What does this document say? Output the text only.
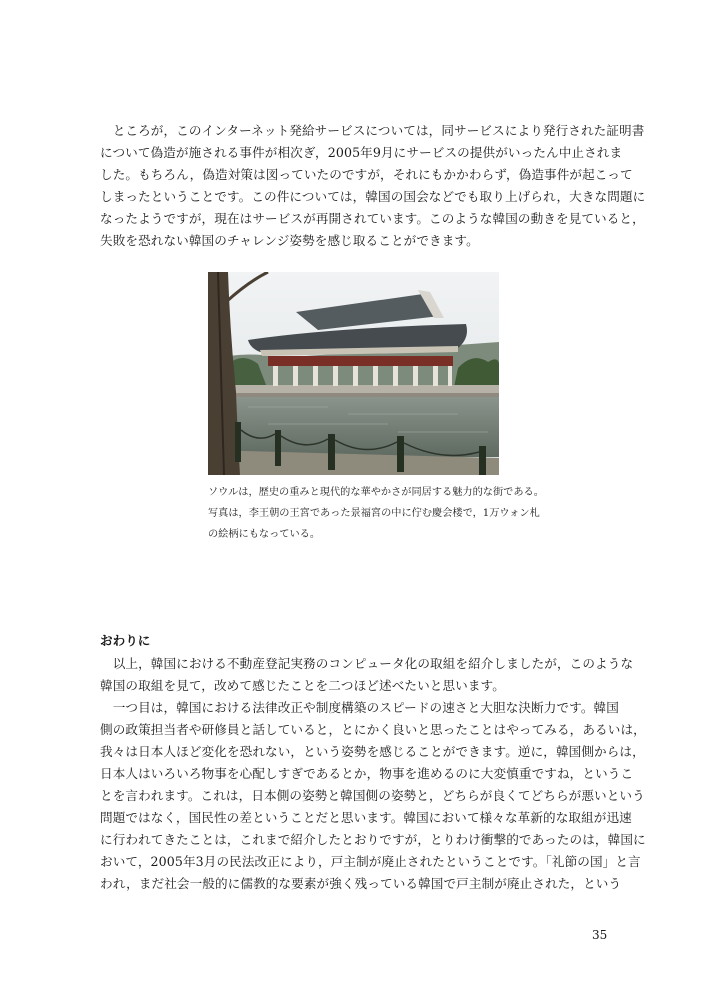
　ところが，このインターネット発給サービスについては，同サービスにより発行された証明書
について偽造が施される事件が相次ぎ，2005年9月にサービスの提供がいったん中止されま
した。もちろん，偽造対策は図っていたのですが，それにもかかわらず，偽造事件が起こって
しまったということです。この件については，韓国の国会などでも取り上げられ，大きな問題に
なったようですが，現在はサービスが再開されています。このような韓国の動きを見ていると，
失敗を恐れない韓国のチャレンジ姿勢を感じ取ることができます。
ソウルは，歴史の重みと現代的な華やかさが同居する魅力的な街である。
写真は，李王朝の王宮であった景福宮の中に佇む慶会楼で，1万ウォン札
の絵柄にもなっている。
おわりに
　以上，韓国における不動産登記実務のコンピュータ化の取組を紹介しましたが，このような
韓国の取組を見て，改めて感じたことを二つほど述べたいと思います。
　一つ目は，韓国における法律改正や制度構築のスピードの速さと大胆な決断力です。韓国
側の政策担当者や研修員と話していると，とにかく良いと思ったことはやってみる，あるいは，
我々は日本人ほど変化を恐れない，という姿勢を感じることができます。逆に，韓国側からは，
日本人はいろいろ物事を心配しすぎであるとか，物事を進めるのに大変慎重ですね，というこ
とを言われます。これは，日本側の姿勢と韓国側の姿勢と，どちらが良くてどちらが悪いという
問題ではなく，国民性の差ということだと思います。韓国において様々な革新的な取組が迅速
に行われてきたことは，これまで紹介したとおりですが，とりわけ衝撃的であったのは，韓国に
おいて，2005年3月の民法改正により，戸主制が廃止されたということです。「礼節の国」と言
われ，まだ社会一般的に儒教的な要素が強く残っている韓国で戸主制が廃止された，という

35
